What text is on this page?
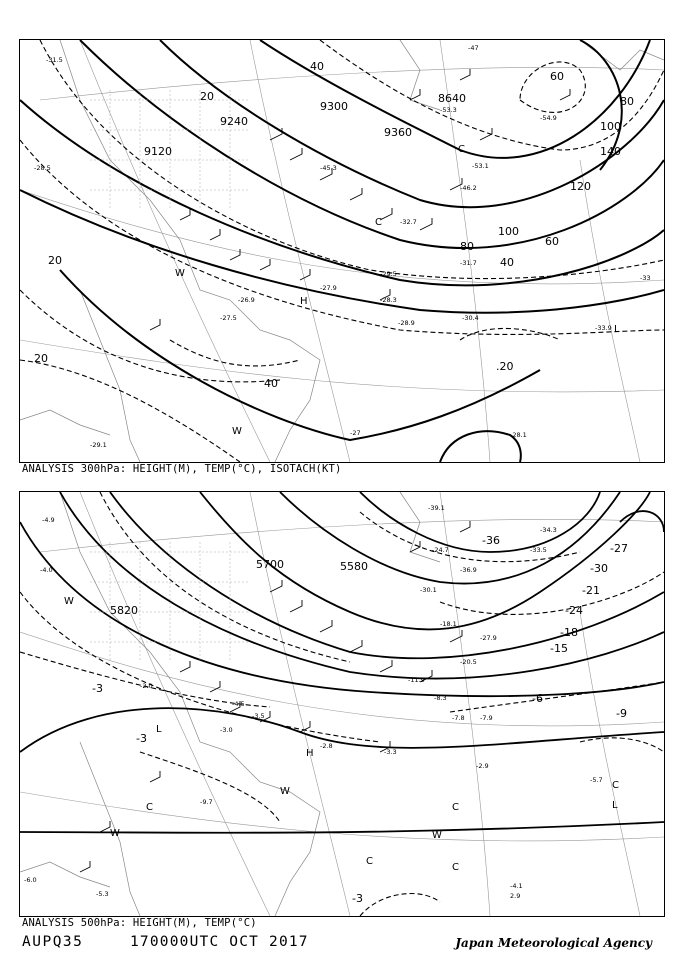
9120
9240
9300
9360
8640
120
100
80	60
40
20
140
100
80
60
40
20
40
20
.20
W
W
H
C
L
C
-31.5
-28.5
-29.5
-27.5
-28.3
-28.9
-30.4
-31.7
-32.7
-33.9
-45.3
-47
-53.3
-53.1
-54.9
-46.2
-26.9
-27.9
-28.1
-29.1
-27
-33
ANALYSIS 300hPa: HEIGHT(M), TEMP(°C), ISOTACH(KT)
5700	5580
5820
-36
-30
-24
-18
-15
-21
-27
-9
-6
-3
-3
-3
W
L
H
C	C
W
C
C
L
C
W	W
-4.9
-3.0
-2.0
-4.5
-3.5	-7.8
-11.9
-8.3
-18.1
-20.5
-33.5
-36.9
-39.1
-2.9
-5.7
-4.1
2.9
-3.3
-2.8
-7.9
-9.7
-5.3
-6.0
-4.0
-27.9
-24.7
-30.1
-34.3
ANALYSIS 500hPa: HEIGHT(M), TEMP(°C)
AUPQ35	170000UTC OCT 2017	Japan Meteorological Agency
